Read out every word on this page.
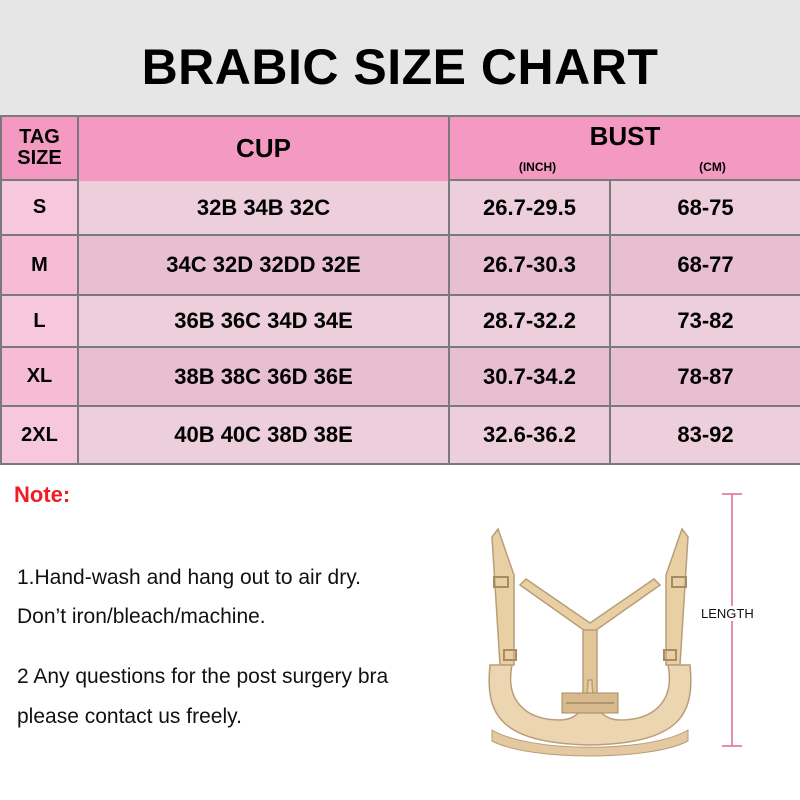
BRABIC SIZE CHART
TAG
SIZE	CUP	BUST
(INCH)	(CM)
S	32B 34B 32C	26.7-29.5	68-75
M	34C 32D 32DD 32E	26.7-30.3	68-77
L	36B 36C 34D 34E	28.7-32.2	73-82
XL	38B 38C 36D 36E	30.7-34.2	78-87
2XL	40B 40C 38D 38E	32.6-36.2	83-92
Note:
1.Hand-wash and hang out to air dry.
Don’t iron/bleach/machine.
2 Any questions for the post surgery bra
please contact us freely.
LENGTH
